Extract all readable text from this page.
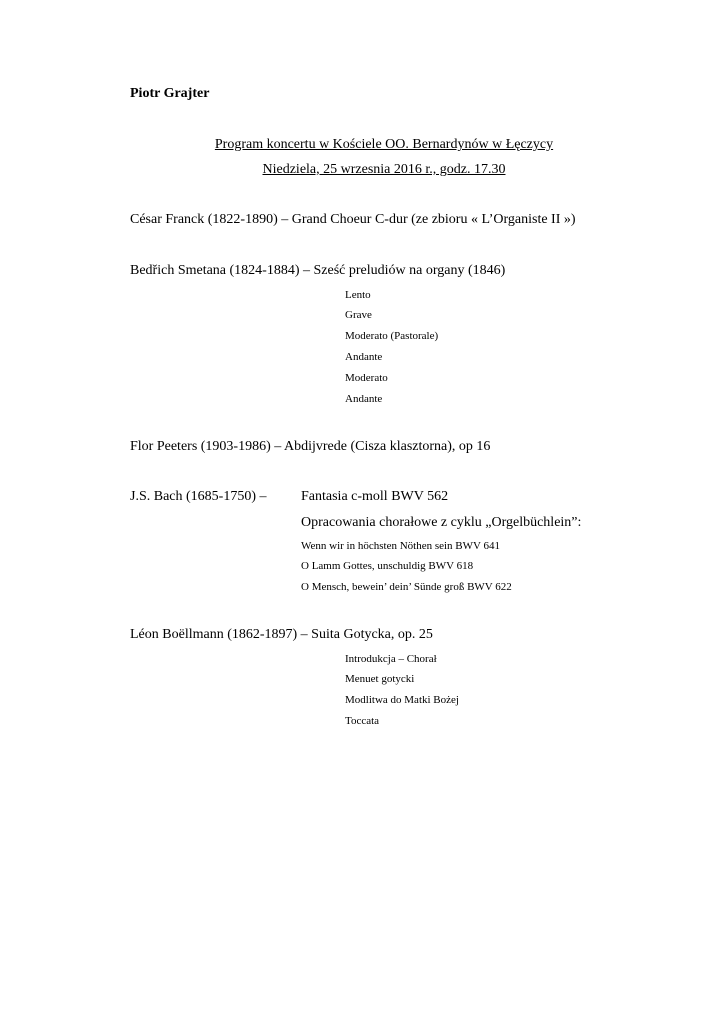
Piotr Grajter
Program koncertu w Kościele OO. Bernardynów w Łęczycy
Niedziela, 25 wrzesnia 2016 r., godz. 17.30
César Franck (1822-1890) – Grand Choeur C-dur (ze zbioru « L’Organiste II »)
Bedřich Smetana (1824-1884) – Sześć preludiów na organy (1846)
Lento
Grave
Moderato (Pastorale)
Andante
Moderato
Andante
Flor Peeters (1903-1986) – Abdijvrede (Cisza klasztorna), op 16
J.S. Bach (1685-1750) – Fantasia c-moll BWV 562
Opracowania chorałowe z cyklu „Orgelbüchlein”:
Wenn wir in höchsten Nöthen sein BWV 641
O Lamm Gottes, unschuldig BWV 618
O Mensch, bewein’ dein’ Sünde groß BWV 622
Léon Boëllmann (1862-1897) – Suita Gotycka, op. 25
Introdukcja – Chorał
Menuet gotycki
Modlitwa do Matki Bożej
Toccata
